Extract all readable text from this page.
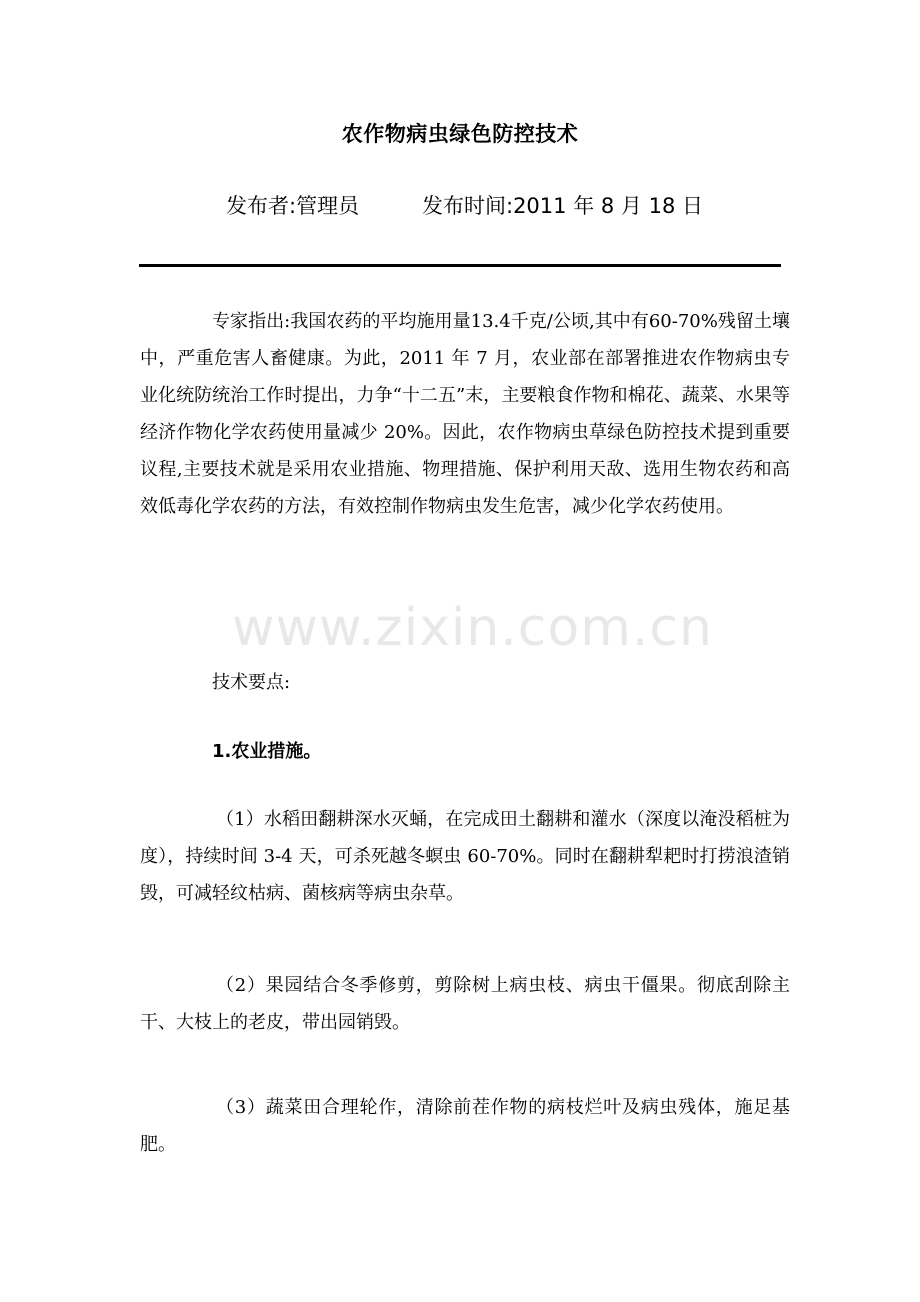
农作物病虫绿色防控技术
发布者:管理员	发布时间:2011 年 8 月 18 日

专家指出:我国农药的平均施用量13.4千克/公顷,其中有60-70%残留土壤中，严重危害人畜健康。为此，2011 年 7 月，农业部在部署推进农作物病虫专业化统防统治工作时提出，力争“十二五”末，主要粮食作物和棉花、蔬菜、水果等经济作物化学农药使用量减少 20%。因此，农作物病虫草绿色防控技术提到重要议程,主要技术就是采用农业措施、物理措施、保护利用天敌、选用生物农药和高效低毒化学农药的方法，有效控制作物病虫发生危害，减少化学农药使用。

www.zixin.com.cn

技术要点:

1.农业措施。

（1）水稻田翻耕深水灭蛹，在完成田土翻耕和灌水（深度以淹没稻桩为度），持续时间 3-4 天，可杀死越冬螟虫 60-70%。同时在翻耕犁耙时打捞浪渣销毁，可减轻纹枯病、菌核病等病虫杂草。

（2）果园结合冬季修剪，剪除树上病虫枝、病虫干僵果。彻底刮除主干、大枝上的老皮，带出园销毁。

（3）蔬菜田合理轮作，清除前茬作物的病枝烂叶及病虫残体，施足基肥。
